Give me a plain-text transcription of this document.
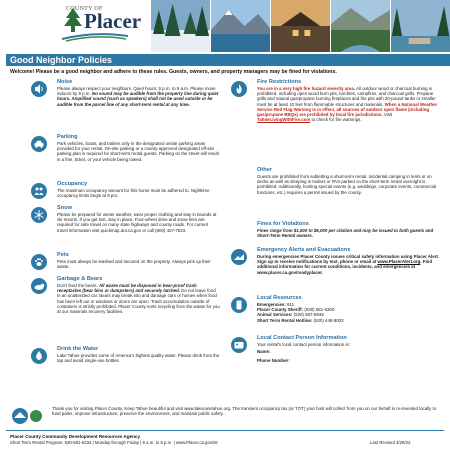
COUNTY OF
Placer
Good Neighbor Policies
Welcome! Please be a good neighbor and adhere to these rules. Guests, owners, and property managers may be fined for violations.
Noise
Please always respect your neighbors. Quiet hours: 9 p.m. to 8 a.m. Please move indoors by 9 p.m. No sound may be audible from the property line during quiet hours. Amplified sound (such as speakers) shall not be used outside or be audible from the parcel line of any short-term rental at any time.
Parking
Park vehicles, boats, and trailers only in the designated onsite parking areas provided for your rental. On-site parking or a county-approved designated off-site parking plan is required for short-term rental guests. Parking on the street will result in a fine, ticket, or your vehicle being towed.
Occupancy
The maximum occupancy amount for this home must be adhered to. Nighttime occupancy limits begin at 9 pm.
Snow
Please be prepared for winter weather, wear proper clothing and stay in bounds at ski resorts. If you get lost, stay in place. Four-wheel drive and snow tires are required for safe travel on many state highways and county roads. For current travel information visit quickmap.dot.ca.gov or call (800) 427-7623.
Pets
Pets must always be leashed and secured on the property. Always pick up their waste.
Garbage & Bears
Don't feed the bears. All waste must be disposed in bear-proof trash receptacles (bear bins or dumpsters) and securely latched. Do not leave food in an unattended car. Bears may break into and damage cars or homes when food has been left out or windows or doors are open. Trash accumulation outside of containers is strictly prohibited. Placer County sorts recycling from the waste for you at our materials recovery facilities.
Drink the Water
Lake Tahoe provides some of America's highest quality water. Please drink from the tap and avoid single-use bottles.
Fire Restrictions
You are in a very high fire hazard severity area. All outdoor wood or charcoal burning is prohibited, including open wood burn pits, bonfires, campfires, and charcoal grills. Propane grills and natural gas/propane burning fireplaces and fire pits with 20-pound tanks or smaller must be at least 10 feet from flammable structures and materials. When a National Weather Service Red Flag Warning is in effect, all sources of outdoor open flame (including gas/propane BBQs) are prohibited by local fire jurisdictions. Visit TahoeLivingWithFire.com to check for fire warnings.
Other
Guests are prohibited from subletting a short-term rental. Incidental camping in tents or on decks as well as sleeping in trailers or RVs parked on the short-term rental overnight is prohibited. Additionally, hosting special events (e.g. weddings, corporate events, commercial functions, etc.) requires a permit issued by the county.
Fines for Violations
Fines range from $1,500 to $5,000 per citation and may be issued to both guests and Short-Term Rental owners.
Emergency Alerts and Evacuations
During emergencies Placer County issues critical safety information using Placer Alert. Sign up to receive notifications by text, phone or email at www.PlacerAlert.org. Find additional information for current conditions, incidents, and emergencies at www.placer.ca.gov/readyplacer.
Local Resources
Emergencies: 911
Placer County Sheriff: (530) 581-6300
Animal Services: (530) 587-5948
Short Term Rental Hotline: (530) 448-8003
Local Contact Person Information
Your rental's local contact person information is:
Name:
Phone Number:
Thank you for visiting Placer County. Keep Tahoe beautiful and visit www.takecaretahoe.org. The transient occupancy tax (or TOT) your host will collect from you on our behalf is re-invested locally to fund parks, improve infrastructure, preserve the environment, and maintain public safety.
Placer County Community Development Resources Agency
Short Term Rental Program: 530-581-6234 | Monday through Friday | 8 a.m. to 5 p.m. | www.Placer.ca.gov/str	Last Revised 3/29/22
